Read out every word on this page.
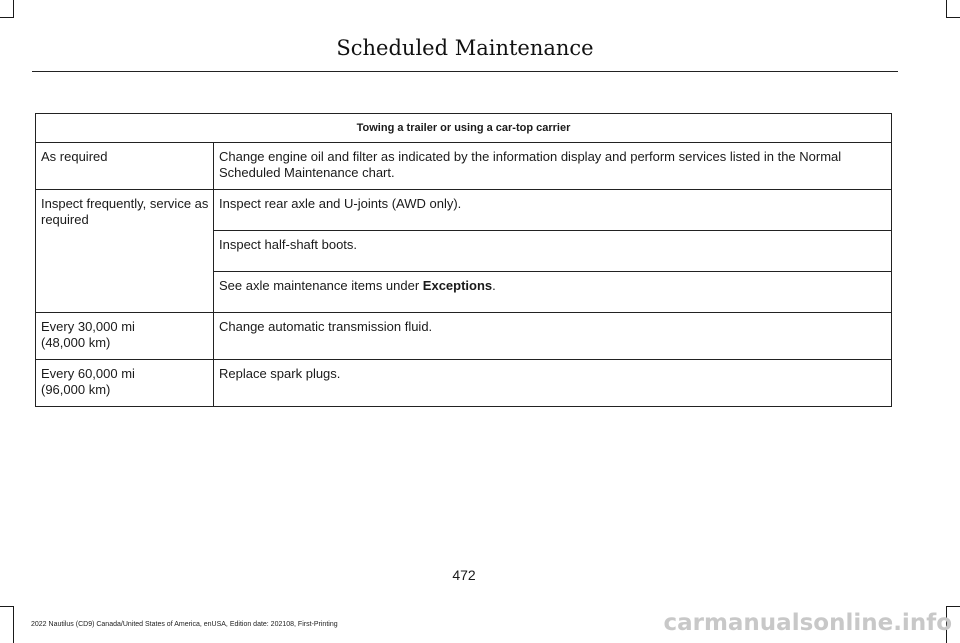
Scheduled Maintenance
Towing a trailer or using a car-top carrier	
As required	Change engine oil and filter as indicated by the information display and perform services listed in the Normal Scheduled Maintenance chart.
Inspect frequently, service as required	Inspect rear axle and U-joints (AWD only).
	Inspect half-shaft boots.
	See axle maintenance items under Exceptions.

Every 30,000 mi
(48,000 km)	Change automatic transmission fluid.

Every 60,000 mi
(96,000 km)	Replace spark plugs.
472
2022 Nautilus (CD9) Canada/United States of America, enUSA, Edition date: 202108, First-Printing	carmanualsonline.info
